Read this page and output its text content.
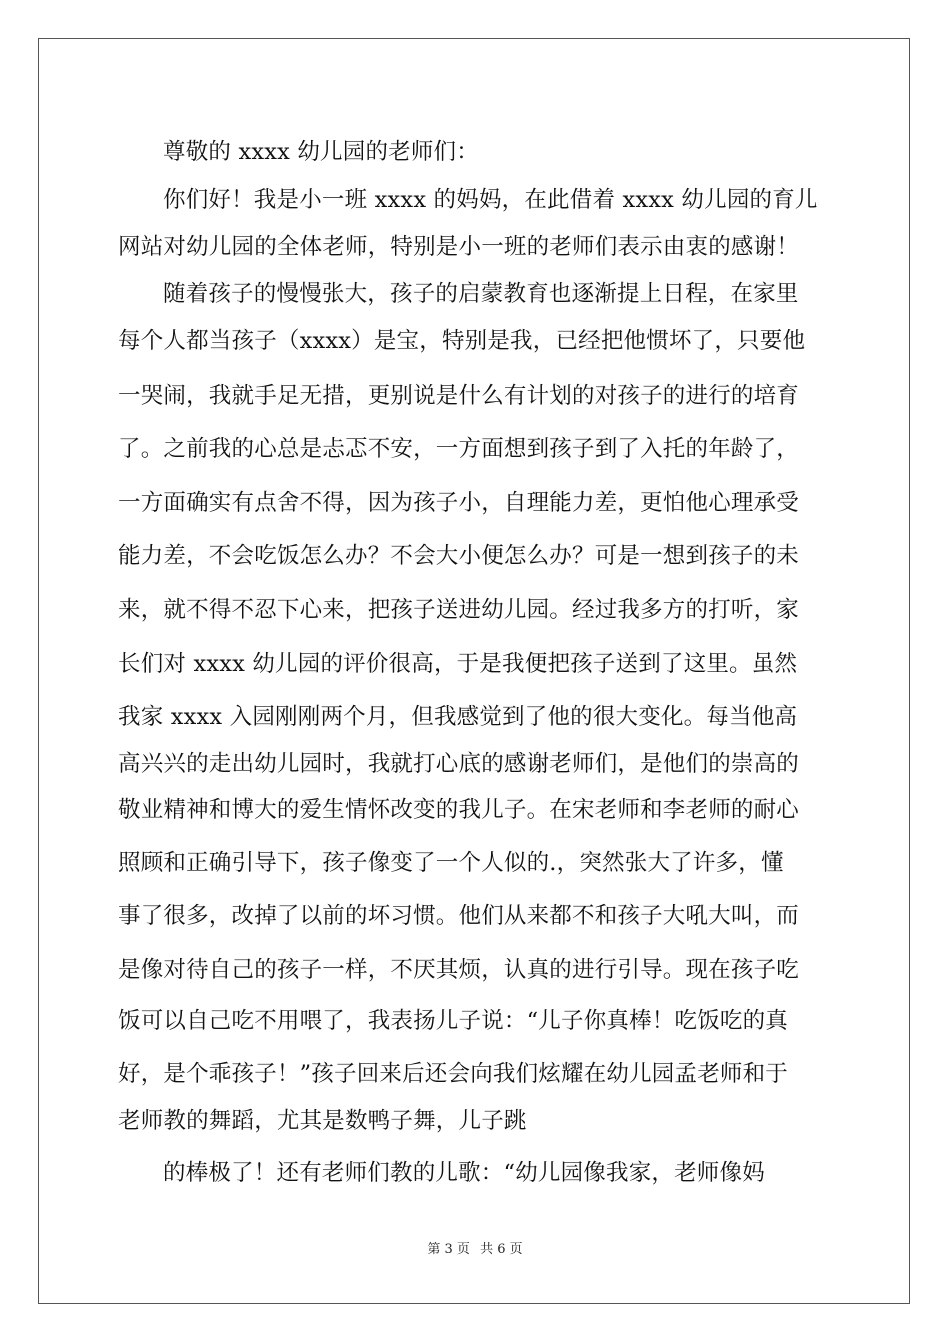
尊敬的 xxxx 幼儿园的老师们：
你们好！我是小一班 xxxx 的妈妈，在此借着 xxxx 幼儿园的育儿
网站对幼儿园的全体老师，特别是小一班的老师们表示由衷的感谢！
随着孩子的慢慢张大，孩子的启蒙教育也逐渐提上日程，在家里
每个人都当孩子（xxxx）是宝，特别是我，已经把他惯坏了，只要他
一哭闹，我就手足无措，更别说是什么有计划的对孩子的进行的培育
了。之前我的心总是忐忑不安，一方面想到孩子到了入托的年龄了，
一方面确实有点舍不得，因为孩子小，自理能力差，更怕他心理承受
能力差，不会吃饭怎么办？不会大小便怎么办？可是一想到孩子的未
来，就不得不忍下心来，把孩子送进幼儿园。经过我多方的打听，家
长们对 xxxx 幼儿园的评价很高，于是我便把孩子送到了这里。虽然
我家 xxxx 入园刚刚两个月，但我感觉到了他的很大变化。每当他高
高兴兴的走出幼儿园时，我就打心底的感谢老师们，是他们的崇高的
敬业精神和博大的爱生情怀改变的我儿子。在宋老师和李老师的耐心
照顾和正确引导下，孩子像变了一个人似的.，突然张大了许多，懂
事了很多，改掉了以前的坏习惯。他们从来都不和孩子大吼大叫，而
是像对待自己的孩子一样，不厌其烦，认真的进行引导。现在孩子吃
饭可以自己吃不用喂了，我表扬儿子说：“儿子你真棒！吃饭吃的真
好，是个乖孩子！”孩子回来后还会向我们炫耀在幼儿园孟老师和于
老师教的舞蹈，尤其是数鸭子舞，儿子跳
的棒极了！还有老师们教的儿歌：“幼儿园像我家，老师像妈
第 3 页 共 6 页
